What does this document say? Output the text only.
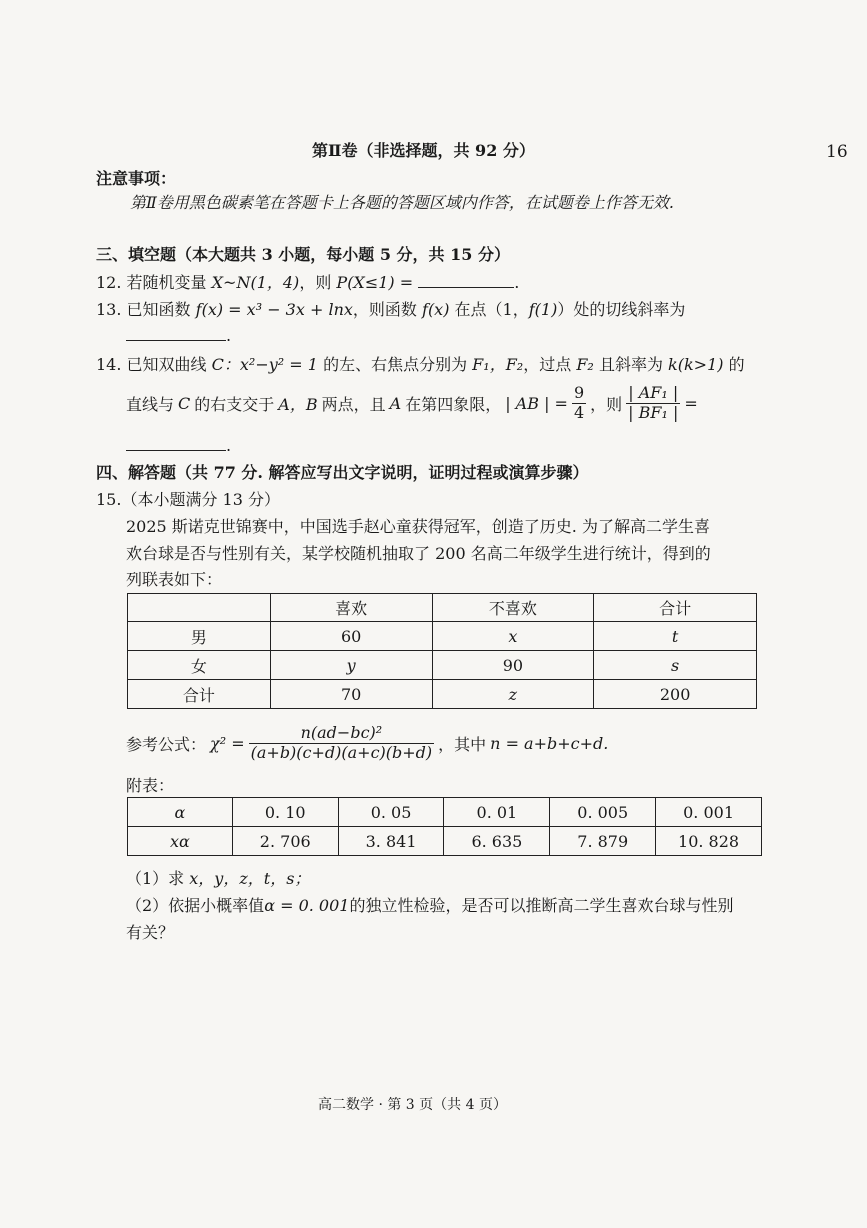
第Ⅱ卷（非选择题，共 92 分）	16
注意事项：
第Ⅱ卷用黑色碳素笔在答题卡上各题的答题区域内作答，在试题卷上作答无效.
三、填空题（本大题共 3 小题，每小题 5 分，共 15 分）
12. 若随机变量 X~N(1，4)，则 P(X≤1) =	.
13. 已知函数 f(x) = x³ − 3x + lnx，则函数 f(x) 在点（1，f(1)）处的切线斜率为
.
14. 已知双曲线 C：x²−y² = 1 的左、右焦点分别为 F₁，F₂，过点 F₂ 且斜率为 k(k>1) 的
直线与 C 的右支交于 A，B 两点，且 A 在第四象限， | AB | = $\frac{9}{4}$ ，则 $\frac{\text{| AF₁ |}}{\text{| BF₁ |}}$ =
.
四、解答题（共 77 分. 解答应写出文字说明，证明过程或演算步骤）
15.（本小题满分 13 分）
2025 斯诺克世锦赛中，中国选手赵心童获得冠军，创造了历史. 为了解高二学生喜
欢台球是否与性别有关，某学校随机抽取了 200 名高二年级学生进行统计，得到的
列联表如下：
	喜欢	不喜欢	合计
男	60	x	t
女	y	90	s
合计	70	z	200
参考公式： $\chi^2 = \frac{\text{n(ad−bc)²}}{(a+b)(c+d)(a+c)(b+d)}$ ，其中 n = a+b+c+d.
附表：
α	0. 10	0. 05	0. 01	0. 005	0. 001
xα	2. 706	3. 841	6. 635	7. 879	10. 828
（1）求 x，y，z，t，s；
（2）依据小概率值α = 0. 001的独立性检验，是否可以推断高二学生喜欢台球与性别
有关？
高二数学 · 第 3 页（共 4 页）
